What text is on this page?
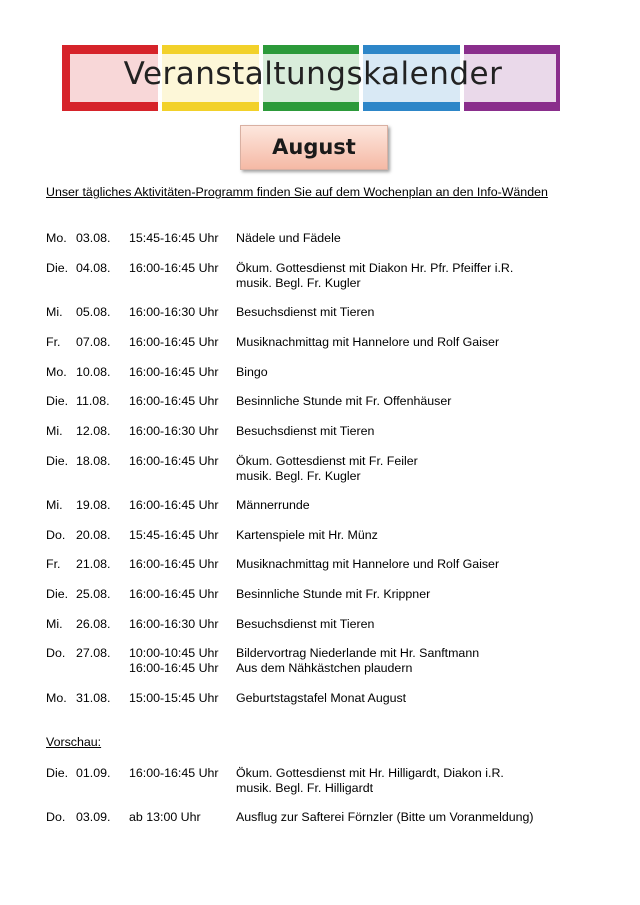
Veranstaltungskalender
August
Unser tägliches Aktivitäten-Programm finden Sie auf dem Wochenplan an den Info-Wänden
Mo. 03.08. 15:45-16:45 Uhr Nädele und Fädele
Die. 04.08. 16:00-16:45 Uhr Ökum. Gottesdienst mit Diakon Hr. Pfr. Pfeiffer i.R.
musik. Begl. Fr. Kugler
Mi. 05.08. 16:00-16:30 Uhr Besuchsdienst mit Tieren
Fr. 07.08. 16:00-16:45 Uhr Musiknachmittag mit Hannelore und Rolf Gaiser
Mo. 10.08. 16:00-16:45 Uhr Bingo
Die. 11.08. 16:00-16:45 Uhr Besinnliche Stunde mit Fr. Offenhäuser
Mi. 12.08. 16:00-16:30 Uhr Besuchsdienst mit Tieren
Die. 18.08. 16:00-16:45 Uhr Ökum. Gottesdienst mit Fr. Feiler
musik. Begl. Fr. Kugler
Mi. 19.08. 16:00-16:45 Uhr Männerrunde
Do. 20.08. 15:45-16:45 Uhr Kartenspiele mit Hr. Münz
Fr. 21.08. 16:00-16:45 Uhr Musiknachmittag mit Hannelore und Rolf Gaiser
Die. 25.08. 16:00-16:45 Uhr Besinnliche Stunde mit Fr. Krippner
Mi. 26.08. 16:00-16:30 Uhr Besuchsdienst mit Tieren
Do. 27.08. 10:00-10:45 Uhr Bildervortrag Niederlande mit Hr. Sanftmann
16:00-16:45 Uhr Aus dem Nähkästchen plaudern
Mo. 31.08. 15:00-15:45 Uhr Geburtstagstafel Monat August
Vorschau:
Die. 01.09. 16:00-16:45 Uhr Ökum. Gottesdienst mit Hr. Hilligardt, Diakon i.R.
musik. Begl. Fr. Hilligardt
Do. 03.09. ab 13:00 Uhr	Ausflug zur Safterei Förnzler (Bitte um Voranmeldung)
